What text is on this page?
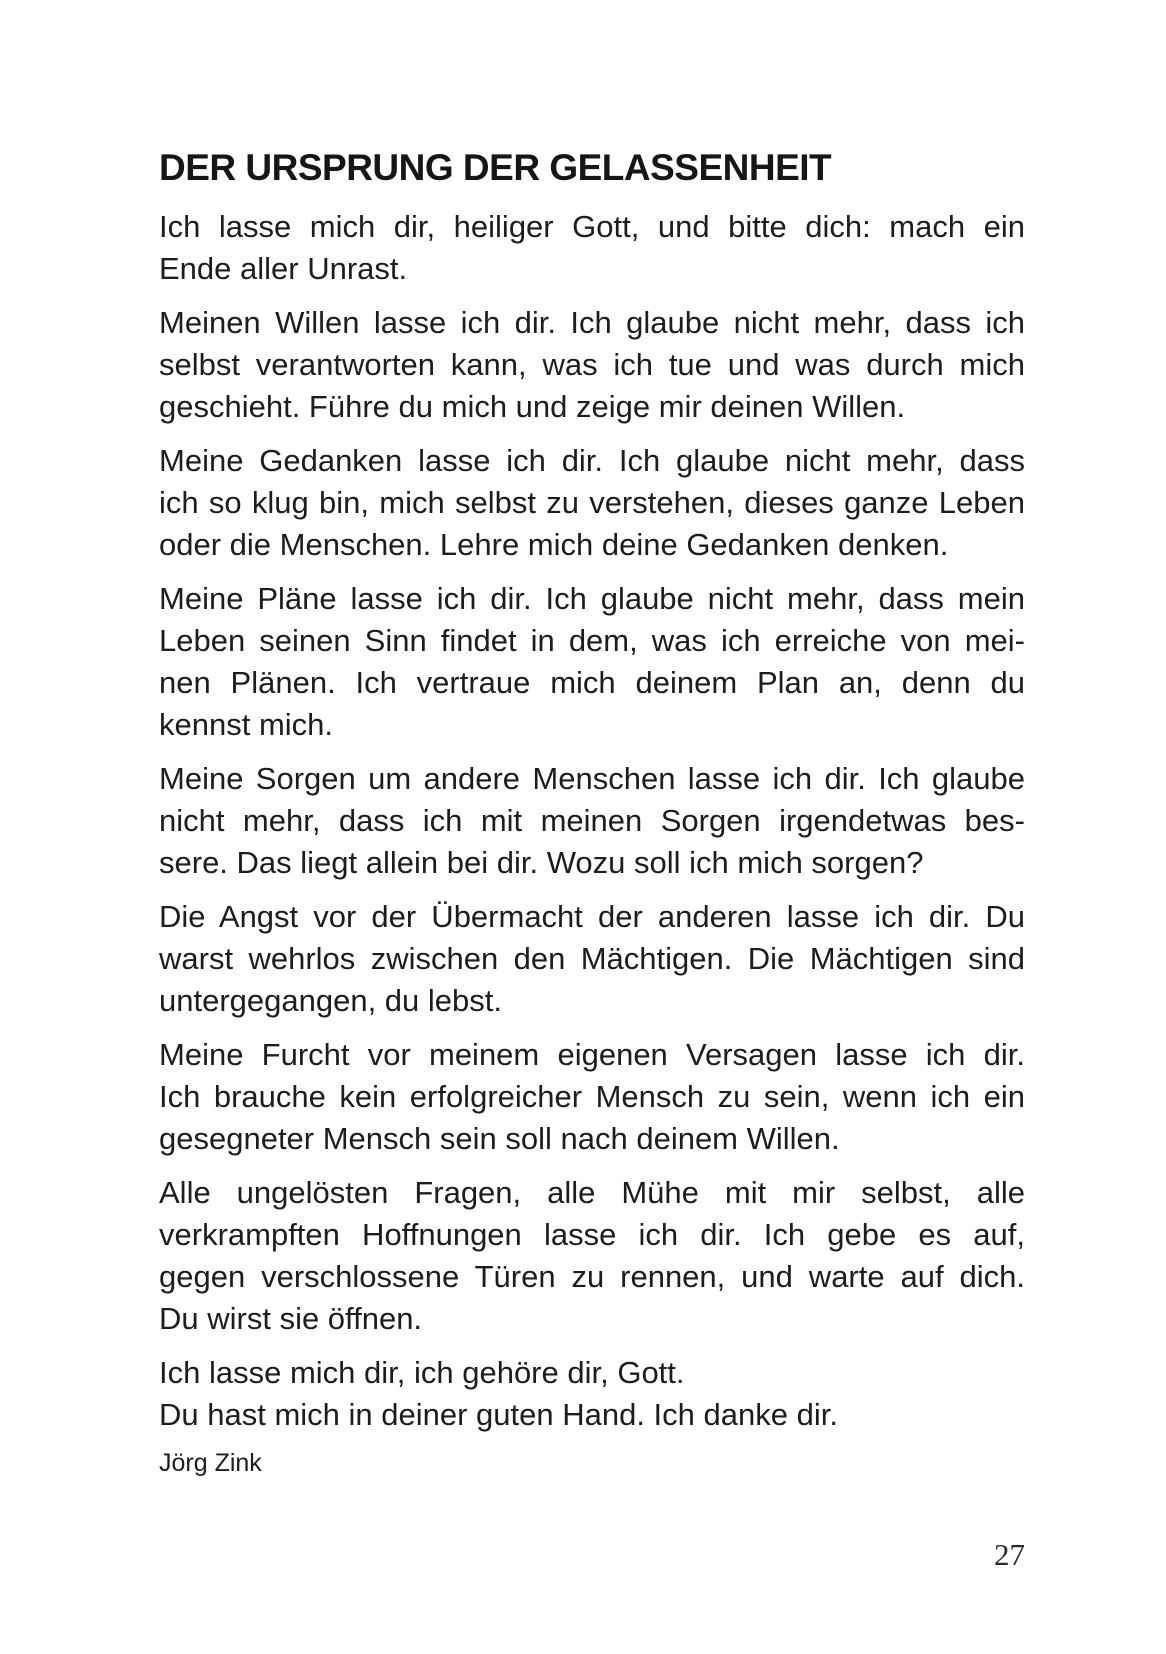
DER URSPRUNG DER GELASSENHEIT
Ich lasse mich dir, heiliger Gott, und bitte dich: mach ein
Ende aller Unrast.
Meinen Willen lasse ich dir. Ich glaube nicht mehr, dass ich
selbst verantworten kann, was ich tue und was durch mich
geschieht. Führe du mich und zeige mir deinen Willen.
Meine Gedanken lasse ich dir. Ich glaube nicht mehr, dass
ich so klug bin, mich selbst zu verstehen, dieses ganze Leben
oder die Menschen. Lehre mich deine Gedanken denken.
Meine Pläne lasse ich dir. Ich glaube nicht mehr, dass mein
Leben seinen Sinn findet in dem, was ich erreiche von mei-
nen Plänen. Ich vertraue mich deinem Plan an, denn du
kennst mich.
Meine Sorgen um andere Menschen lasse ich dir. Ich glaube
nicht mehr, dass ich mit meinen Sorgen irgendetwas bes-
sere. Das liegt allein bei dir. Wozu soll ich mich sorgen?
Die Angst vor der Übermacht der anderen lasse ich dir. Du
warst wehrlos zwischen den Mächtigen. Die Mächtigen sind
untergegangen, du lebst.
Meine Furcht vor meinem eigenen Versagen lasse ich dir.
Ich brauche kein erfolgreicher Mensch zu sein, wenn ich ein
gesegneter Mensch sein soll nach deinem Willen.
Alle ungelösten Fragen, alle Mühe mit mir selbst, alle
verkrampften Hoffnungen lasse ich dir. Ich gebe es auf,
gegen verschlossene Türen zu rennen, und warte auf dich.
Du wirst sie öffnen.
Ich lasse mich dir, ich gehöre dir, Gott.
Du hast mich in deiner guten Hand. Ich danke dir.
Jörg Zink
27
